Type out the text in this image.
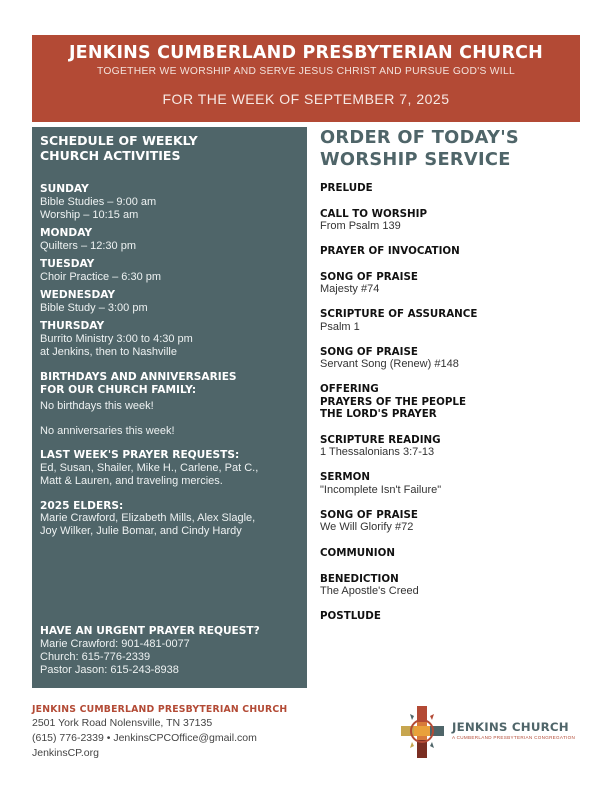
JENKINS CUMBERLAND PRESBYTERIAN CHURCH
TOGETHER WE WORSHIP AND SERVE JESUS CHRIST AND PURSUE GOD'S WILL
FOR THE WEEK OF SEPTEMBER 7, 2025
SCHEDULE OF WEEKLY
CHURCH ACTIVITIES
SUNDAY
Bible Studies – 9:00 am
Worship – 10:15 am
MONDAY
Quilters – 12:30 pm
TUESDAY
Choir Practice – 6:30 pm
WEDNESDAY
Bible Study – 3:00 pm
THURSDAY
Burrito Ministry 3:00 to 4:30 pm
at Jenkins, then to Nashville
BIRTHDAYS AND ANNIVERSARIES
FOR OUR CHURCH FAMILY:
No birthdays this week!
No anniversaries this week!
LAST WEEK'S PRAYER REQUESTS:
Ed, Susan, Shailer, Mike H., Carlene, Pat C.,
Matt & Lauren, and traveling mercies.
2025 ELDERS:
Marie Crawford, Elizabeth Mills, Alex Slagle,
Joy Wilker, Julie Bomar, and Cindy Hardy
HAVE AN URGENT PRAYER REQUEST?
Marie Crawford: 901-481-0077
Church: 615-776-2339
Pastor Jason: 615-243-8938
ORDER OF TODAY'S
WORSHIP SERVICE
PRELUDE
CALL TO WORSHIP
From Psalm 139
PRAYER OF INVOCATION
SONG OF PRAISE
Majesty #74
SCRIPTURE OF ASSURANCE
Psalm 1
SONG OF PRAISE
Servant Song (Renew) #148
OFFERING
PRAYERS OF THE PEOPLE
THE LORD'S PRAYER
SCRIPTURE READING
1 Thessalonians 3:7-13
SERMON
"Incomplete Isn't Failure"
SONG OF PRAISE
We Will Glorify #72
COMMUNION
BENEDICTION
The Apostle's Creed
POSTLUDE
JENKINS CUMBERLAND PRESBYTERIAN CHURCH
2501 York Road Nolensville, TN 37135
(615) 776-2339 • JenkinsCPCOffice@gmail.com
JenkinsCP.org
JENKINS CHURCH
A CUMBERLAND PRESBYTERIAN CONGREGATION
